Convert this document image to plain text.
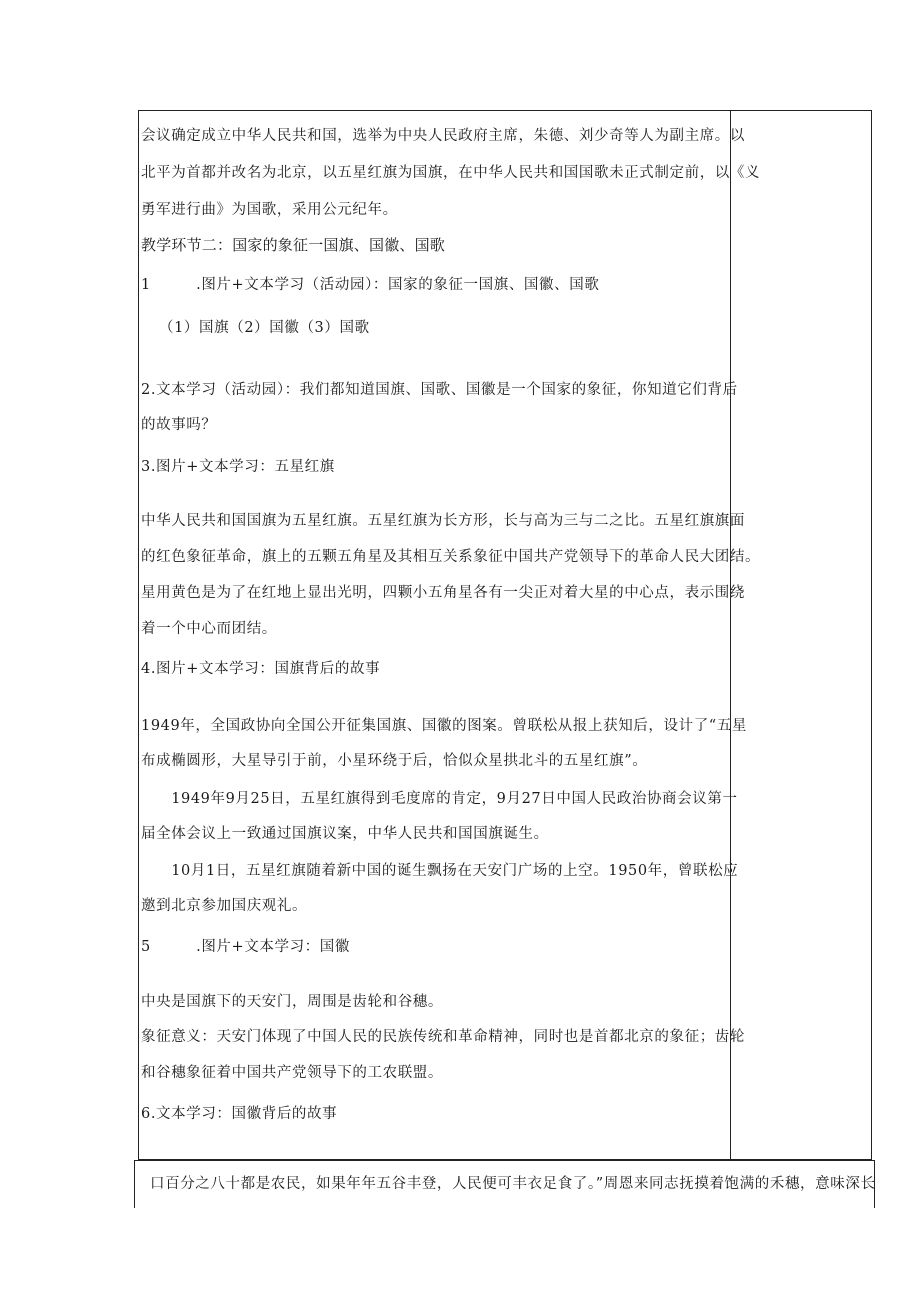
会议确定成立中华人民共和国，选举为中央人民政府主席，朱德、刘少奇等人为副主席。以
北平为首都并改名为北京，以五星红旗为国旗，在中华人民共和国国歌未正式制定前，以《义
勇军进行曲》为国歌，采用公元纪年。
教学环节二：国家的象征一国旗、国徽、国歌
1　　　.图片+文本学习（活动园）：国家的象征一国旗、国徽、国歌
（1）国旗（2）国徽（3）国歌
2.文本学习（活动园）：我们都知道国旗、国歌、国徽是一个国家的象征，你知道它们背后
的故事吗？
3.图片+文本学习：五星红旗
中华人民共和国国旗为五星红旗。五星红旗为长方形，长与高为三与二之比。五星红旗旗面
的红色象征革命，旗上的五颗五角星及其相互关系象征中国共产党领导下的革命人民大团结。
星用黄色是为了在红地上显出光明，四颗小五角星各有一尖正对着大星的中心点，表示围绕
着一个中心而团结。
4.图片+文本学习：国旗背后的故事
1949年，全国政协向全国公开征集国旗、国徽的图案。曾联松从报上获知后，设计了“五星
布成椭圆形，大星导引于前，小星环绕于后，恰似众星拱北斗的五星红旗”。
　　1949年9月25日，五星红旗得到毛度席的肯定，9月27日中国人民政治协商会议第一
届全体会议上一致通过国旗议案，中华人民共和国国旗诞生。
　　10月1日，五星红旗随着新中国的诞生飘扬在天安门广场的上空。1950年，曾联松应
邀到北京参加国庆观礼。
5　　　.图片+文本学习：国徽
中央是国旗下的天安门，周围是齿轮和谷穗。
象征意义：天安门体现了中国人民的民族传统和革命精神，同时也是首都北京的象征；齿轮
和谷穗象征着中国共产党领导下的工农联盟。
6.文本学习：国徽背后的故事
口百分之八十都是农民，如果年年五谷丰登，人民便可丰衣足食了。”周恩来同志抚摸着饱满的禾穗，意味深长
